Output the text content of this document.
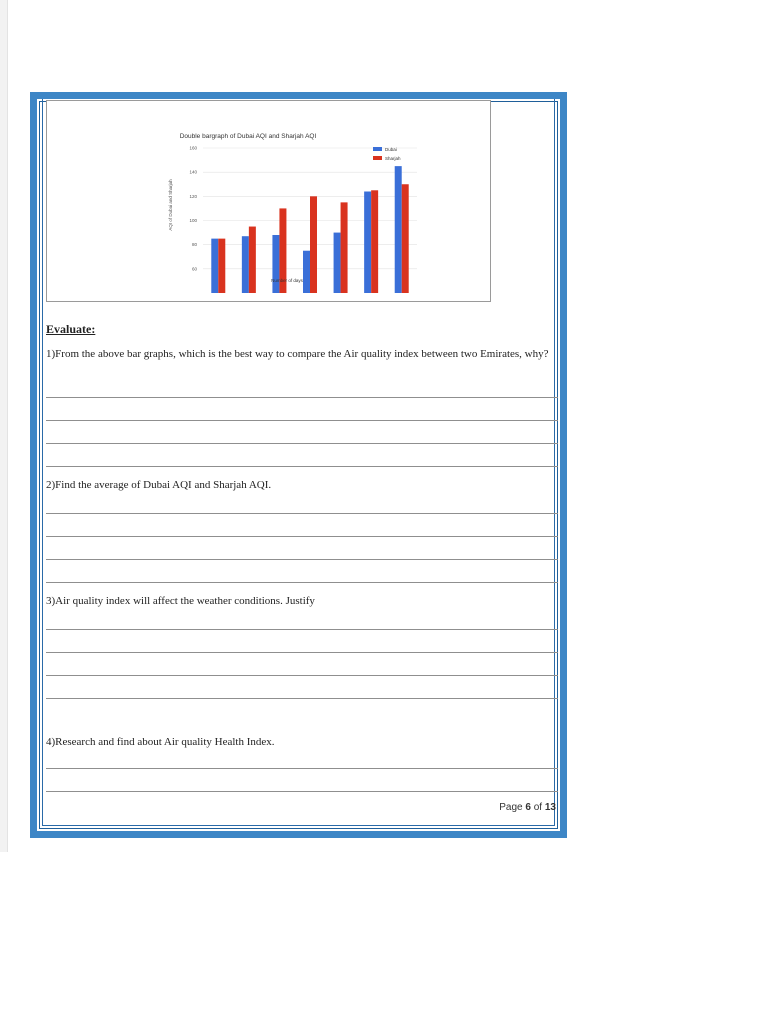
60
80
100
120
140
160
Double bargraph of Dubai AQI and Sharjah AQI
AQI of Dubai and Sharjah
Number of days
Dubai
Sharjah
Evaluate:

1)From the above bar graphs, which is the best way to compare the Air quality index between two Emirates, why?

2)Find the average of Dubai AQI and Sharjah AQI.

3)Air quality index will affect the weather conditions. Justify

4)Research and find about Air quality Health Index.

Page 6 of 13
